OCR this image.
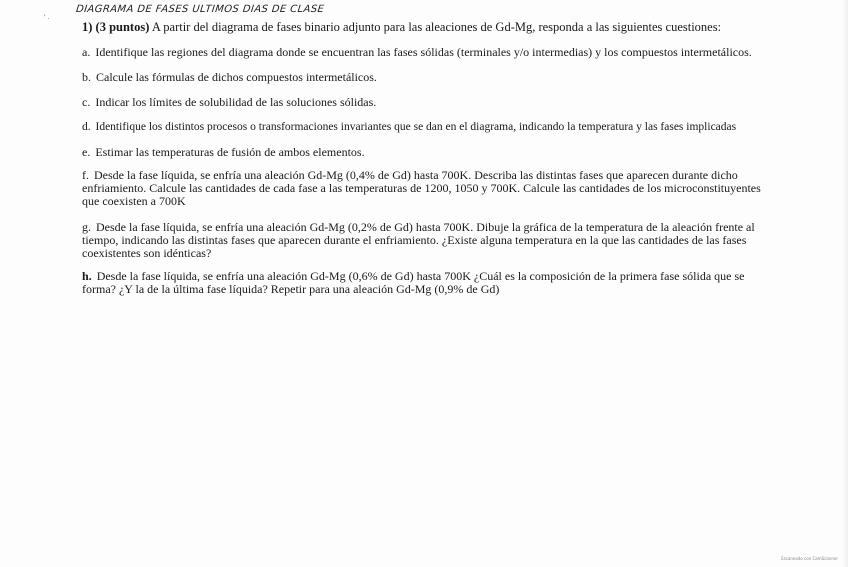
' .
DIAGRAMA DE FASES ULTIMOS DIAS DE CLASE
1) (3 puntos) A partir del diagrama de fases binario adjunto para las aleaciones de Gd-Mg, responda a las siguientes cuestiones:
a. Identifique las regiones del diagrama donde se encuentran las fases sólidas (terminales y/o intermedias) y los compuestos intermetálicos.
b. Calcule las fórmulas de dichos compuestos intermetálicos.
c. Indicar los límites de solubilidad de las soluciones sólidas.
d. Identifique los distintos procesos o transformaciones invariantes que se dan en el diagrama, indicando la temperatura y las fases implicadas
e. Estimar las temperaturas de fusión de ambos elementos.
f. Desde la fase líquida, se enfría una aleación Gd-Mg (0,4% de Gd) hasta 700K. Describa las distintas fases que aparecen durante dicho enfriamiento. Calcule las cantidades de cada fase a las temperaturas de 1200, 1050 y 700K. Calcule las cantidades de los microconstituyentes que coexisten a 700K
g. Desde la fase líquida, se enfría una aleación Gd-Mg (0,2% de Gd) hasta 700K. Dibuje la gráfica de la temperatura de la aleación frente al tiempo, indicando las distintas fases que aparecen durante el enfriamiento. ¿Existe alguna temperatura en la que las cantidades de las fases coexistentes son idénticas?
h. Desde la fase líquida, se enfría una aleación Gd-Mg (0,6% de Gd) hasta 700K ¿Cuál es la composición de la primera fase sólida que se forma? ¿Y la de la última fase líquida? Repetir para una aleación Gd-Mg (0,9% de Gd)
Escaneado con CamScanner
